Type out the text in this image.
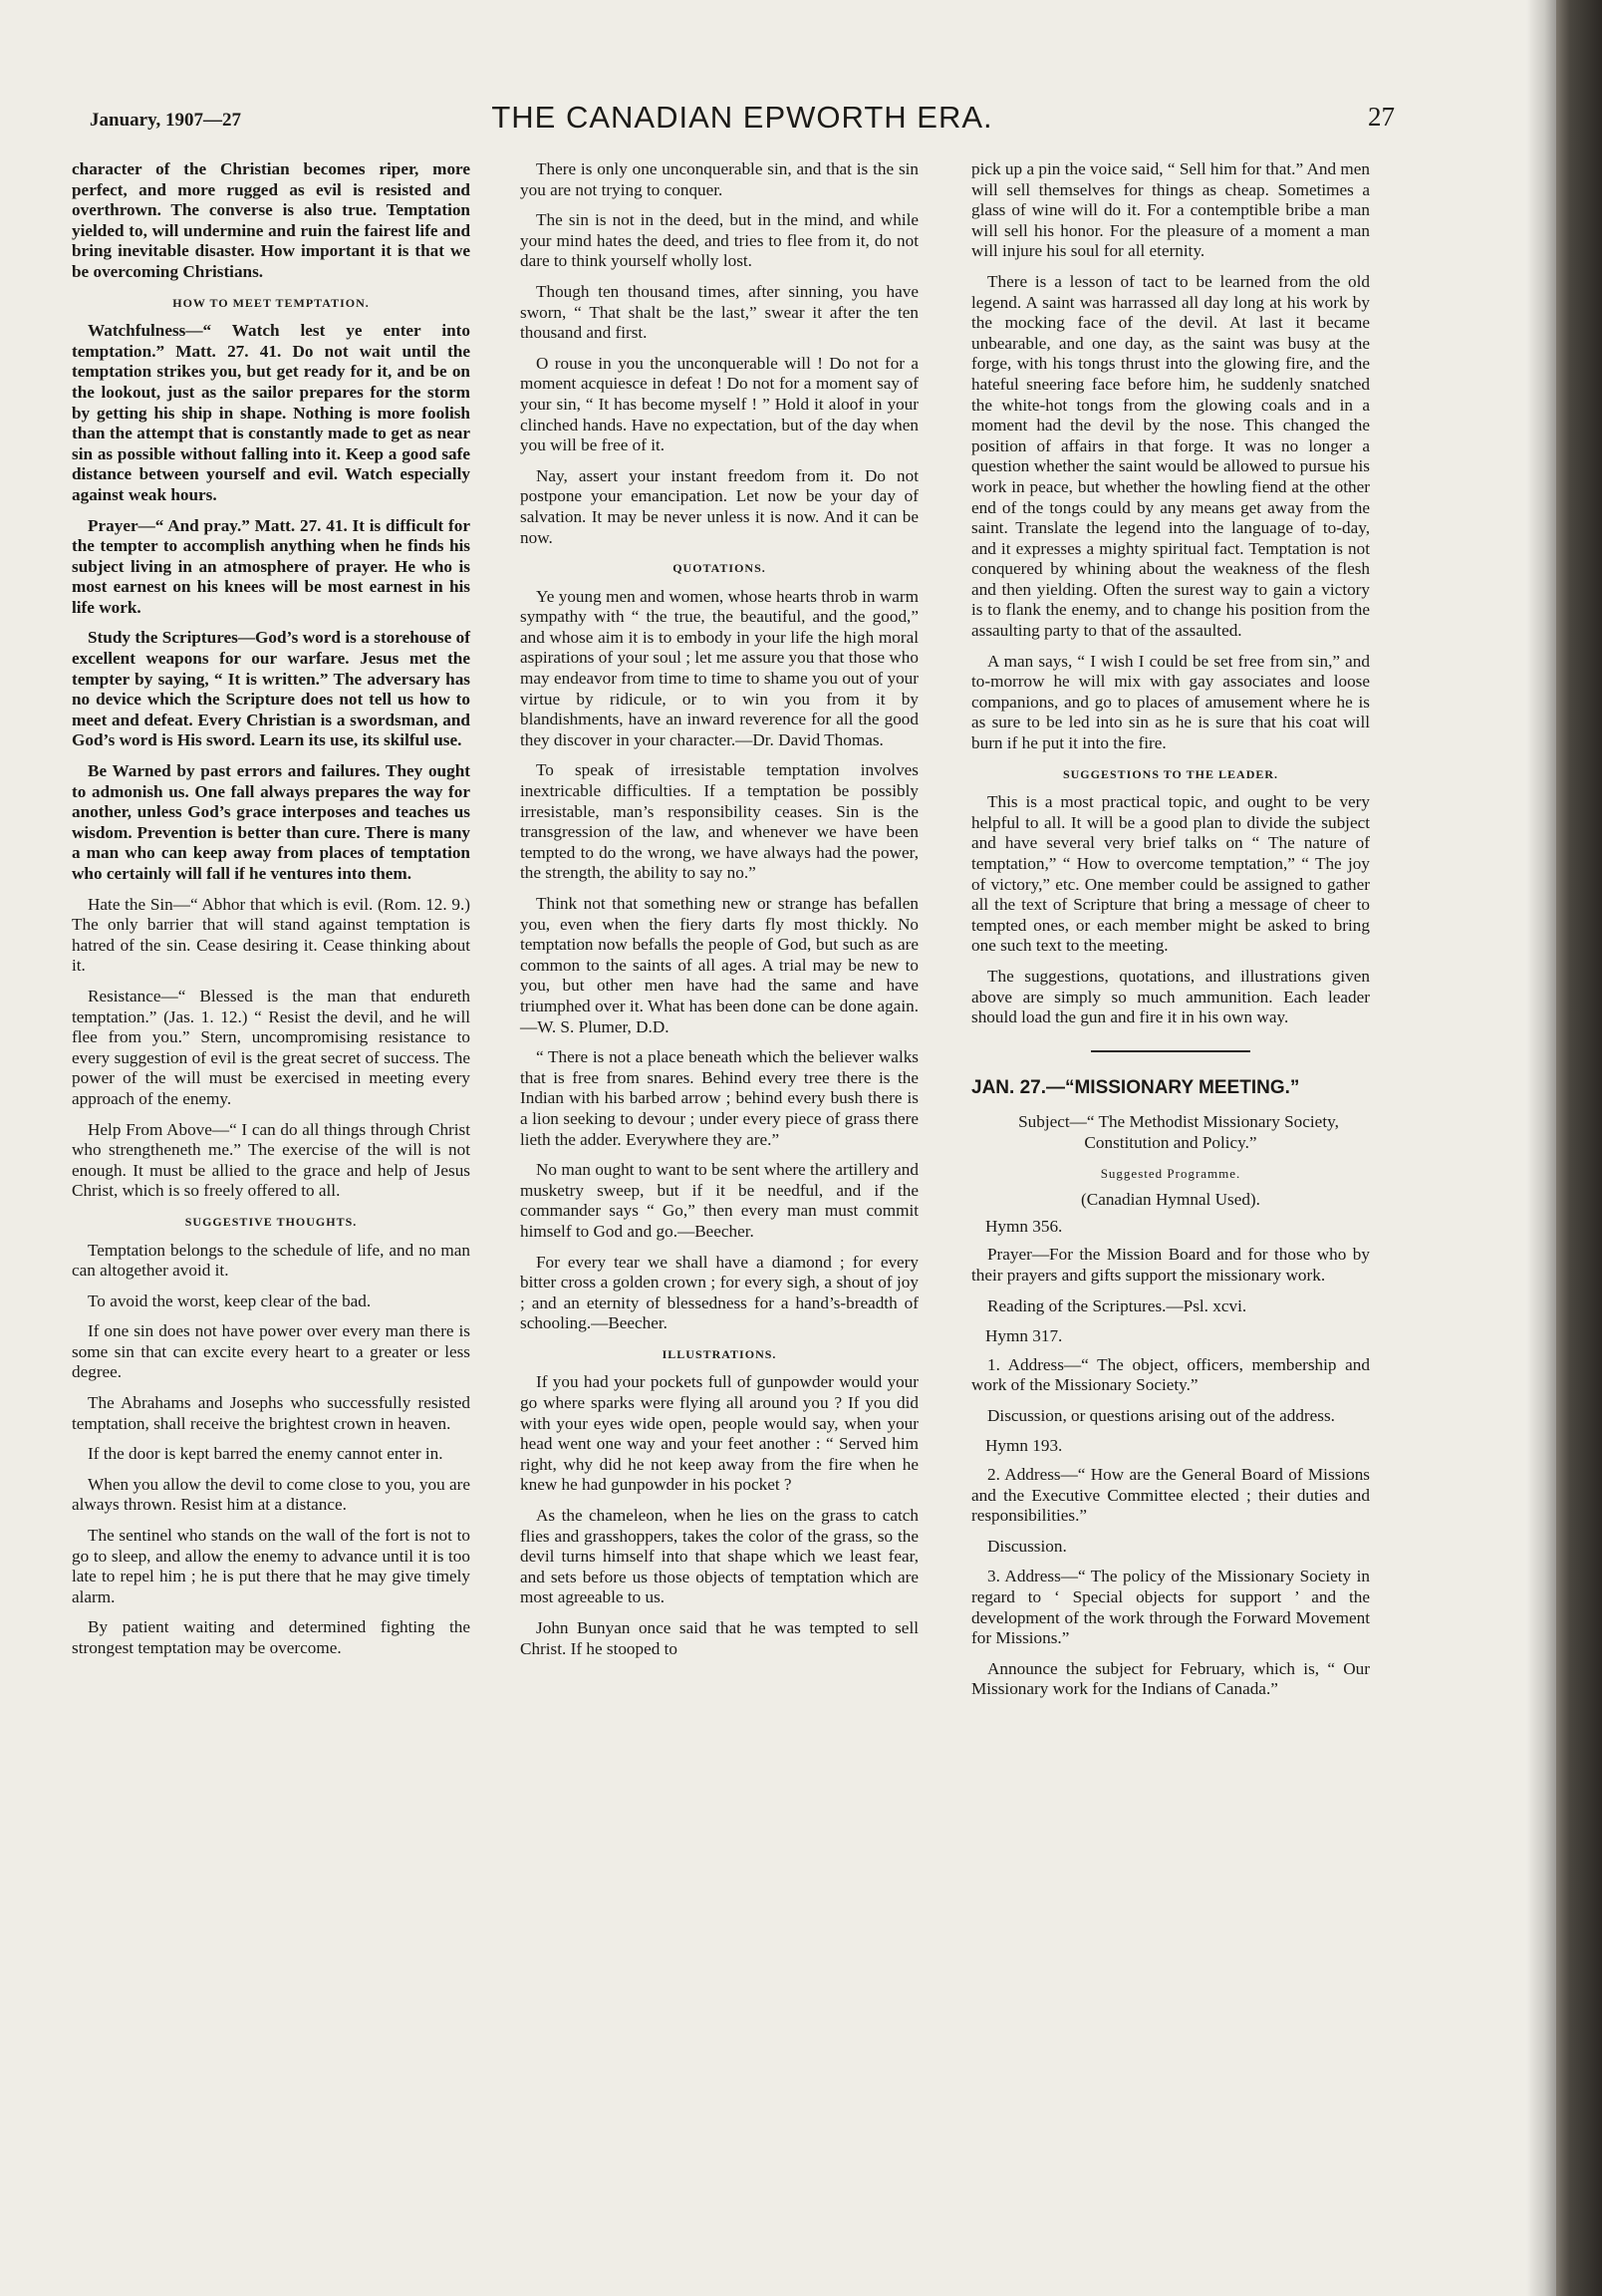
January, 1907—27	THE CANADIAN EPWORTH ERA.	27

character of the Christian becomes riper, more perfect, and more rugged as evil is resisted and overthrown. The converse is also true. Temptation yielded to, will undermine and ruin the fairest life and bring inevitable disaster. How important it is that we be overcoming Christians.

HOW TO MEET TEMPTATION.

Watchfulness—“ Watch lest ye enter into temptation.” Matt. 27. 41. Do not wait until the temptation strikes you, but get ready for it, and be on the lookout, just as the sailor prepares for the storm by getting his ship in shape. Nothing is more foolish than the attempt that is constantly made to get as near sin as possible without falling into it. Keep a good safe distance between yourself and evil. Watch especially against weak hours.

Prayer—“ And pray.” Matt. 27. 41. It is difficult for the tempter to accomplish anything when he finds his subject living in an atmosphere of prayer. He who is most earnest on his knees will be most earnest in his life work.

Study the Scriptures—God’s word is a storehouse of excellent weapons for our warfare. Jesus met the tempter by saying, “ It is written.” The adversary has no device which the Scripture does not tell us how to meet and defeat. Every Christian is a swordsman, and God’s word is His sword. Learn its use, its skilful use.

Be Warned by past errors and failures. They ought to admonish us. One fall always prepares the way for another, unless God’s grace interposes and teaches us wisdom. Prevention is better than cure. There is many a man who can keep away from places of temptation who certainly will fall if he ventures into them.

Hate the Sin—“ Abhor that which is evil. (Rom. 12. 9.) The only barrier that will stand against temptation is hatred of the sin. Cease desiring it. Cease thinking about it.

Resistance—“ Blessed is the man that endureth temptation.” (Jas. 1. 12.) “ Resist the devil, and he will flee from you.” Stern, uncompromising resistance to every suggestion of evil is the great secret of success. The power of the will must be exercised in meeting every approach of the enemy.

Help From Above—“ I can do all things through Christ who strengtheneth me.” The exercise of the will is not enough. It must be allied to the grace and help of Jesus Christ, which is so freely offered to all.

SUGGESTIVE THOUGHTS.

Temptation belongs to the schedule of life, and no man can altogether avoid it.

To avoid the worst, keep clear of the bad.

If one sin does not have power over every man there is some sin that can excite every heart to a greater or less degree.

The Abrahams and Josephs who successfully resisted temptation, shall receive the brightest crown in heaven.

If the door is kept barred the enemy cannot enter in.

When you allow the devil to come close to you, you are always thrown. Resist him at a distance.

The sentinel who stands on the wall of the fort is not to go to sleep, and allow the enemy to advance until it is too late to repel him ; he is put there that he may give timely alarm.

By patient waiting and determined fighting the strongest temptation may be overcome.

There is only one unconquerable sin, and that is the sin you are not trying to conquer.

The sin is not in the deed, but in the mind, and while your mind hates the deed, and tries to flee from it, do not dare to think yourself wholly lost.

Though ten thousand times, after sinning, you have sworn, “ That shalt be the last,” swear it after the ten thousand and first.

O rouse in you the unconquerable will ! Do not for a moment acquiesce in defeat ! Do not for a moment say of your sin, “ It has become myself ! ” Hold it aloof in your clinched hands. Have no expectation, but of the day when you will be free of it.

Nay, assert your instant freedom from it. Do not postpone your emancipation. Let now be your day of salvation. It may be never unless it is now. And it can be now.

QUOTATIONS.

Ye young men and women, whose hearts throb in warm sympathy with “ the true, the beautiful, and the good,” and whose aim it is to embody in your life the high moral aspirations of your soul ; let me assure you that those who may endeavor from time to time to shame you out of your virtue by ridicule, or to win you from it by blandishments, have an inward reverence for all the good they discover in your character.—Dr. David Thomas.

To speak of irresistable temptation involves inextricable difficulties. If a temptation be possibly irresistable, man’s responsibility ceases. Sin is the transgression of the law, and whenever we have been tempted to do the wrong, we have always had the power, the strength, the ability to say no.”

Think not that something new or strange has befallen you, even when the fiery darts fly most thickly. No temptation now befalls the people of God, but such as are common to the saints of all ages. A trial may be new to you, but other men have had the same and have triumphed over it. What has been done can be done again.—W. S. Plumer, D.D.

“ There is not a place beneath which the believer walks that is free from snares. Behind every tree there is the Indian with his barbed arrow ; behind every bush there is a lion seeking to devour ; under every piece of grass there lieth the adder. Everywhere they are.”

No man ought to want to be sent where the artillery and musketry sweep, but if it be needful, and if the commander says “ Go,” then every man must commit himself to God and go.—Beecher.

For every tear we shall have a diamond ; for every bitter cross a golden crown ; for every sigh, a shout of joy ; and an eternity of blessedness for a hand’s-breadth of schooling.—Beecher.

ILLUSTRATIONS.

If you had your pockets full of gunpowder would your go where sparks were flying all around you ? If you did with your eyes wide open, people would say, when your head went one way and your feet another : “ Served him right, why did he not keep away from the fire when he knew he had gunpowder in his pocket ?

As the chameleon, when he lies on the grass to catch flies and grasshoppers, takes the color of the grass, so the devil turns himself into that shape which we least fear, and sets before us those objects of temptation which are most agreeable to us.

John Bunyan once said that he was tempted to sell Christ. If he stooped to

pick up a pin the voice said, “ Sell him for that.” And men will sell themselves for things as cheap. Sometimes a glass of wine will do it. For a contemptible bribe a man will sell his honor. For the pleasure of a moment a man will injure his soul for all eternity.

There is a lesson of tact to be learned from the old legend. A saint was harrassed all day long at his work by the mocking face of the devil. At last it became unbearable, and one day, as the saint was busy at the forge, with his tongs thrust into the glowing fire, and the hateful sneering face before him, he suddenly snatched the white-hot tongs from the glowing coals and in a moment had the devil by the nose. This changed the position of affairs in that forge. It was no longer a question whether the saint would be allowed to pursue his work in peace, but whether the howling fiend at the other end of the tongs could by any means get away from the saint. Translate the legend into the language of to-day, and it expresses a mighty spiritual fact. Temptation is not conquered by whining about the weakness of the flesh and then yielding. Often the surest way to gain a victory is to flank the enemy, and to change his position from the assaulting party to that of the assaulted.

A man says, “ I wish I could be set free from sin,” and to-morrow he will mix with gay associates and loose companions, and go to places of amusement where he is as sure to be led into sin as he is sure that his coat will burn if he put it into the fire.

SUGGESTIONS TO THE LEADER.

This is a most practical topic, and ought to be very helpful to all. It will be a good plan to divide the subject and have several very brief talks on “ The nature of temptation,” “ How to overcome temptation,” “ The joy of victory,” etc. One member could be assigned to gather all the text of Scripture that bring a message of cheer to tempted ones, or each member might be asked to bring one such text to the meeting.

The suggestions, quotations, and illustrations given above are simply so much ammunition. Each leader should load the gun and fire it in his own way.

JAN. 27.—“MISSIONARY MEETING.”

Subject—“ The Methodist Missionary Society, Constitution and Policy.”

Suggested Programme.
(Canadian Hymnal Used).
Hymn 356.

Prayer—For the Mission Board and for those who by their prayers and gifts support the missionary work.

Reading of the Scriptures.—Psl. xcvi.

Hymn 317.

1. Address—“ The object, officers, membership and work of the Missionary Society.”

Discussion, or questions arising out of the address.

Hymn 193.

2. Address—“ How are the General Board of Missions and the Executive Committee elected ; their duties and responsibilities.”

Discussion.

3. Address—“ The policy of the Missionary Society in regard to ‘ Special objects for support ’ and the development of the work through the Forward Movement for Missions.”

Announce the subject for February, which is, “ Our Missionary work for the Indians of Canada.”
